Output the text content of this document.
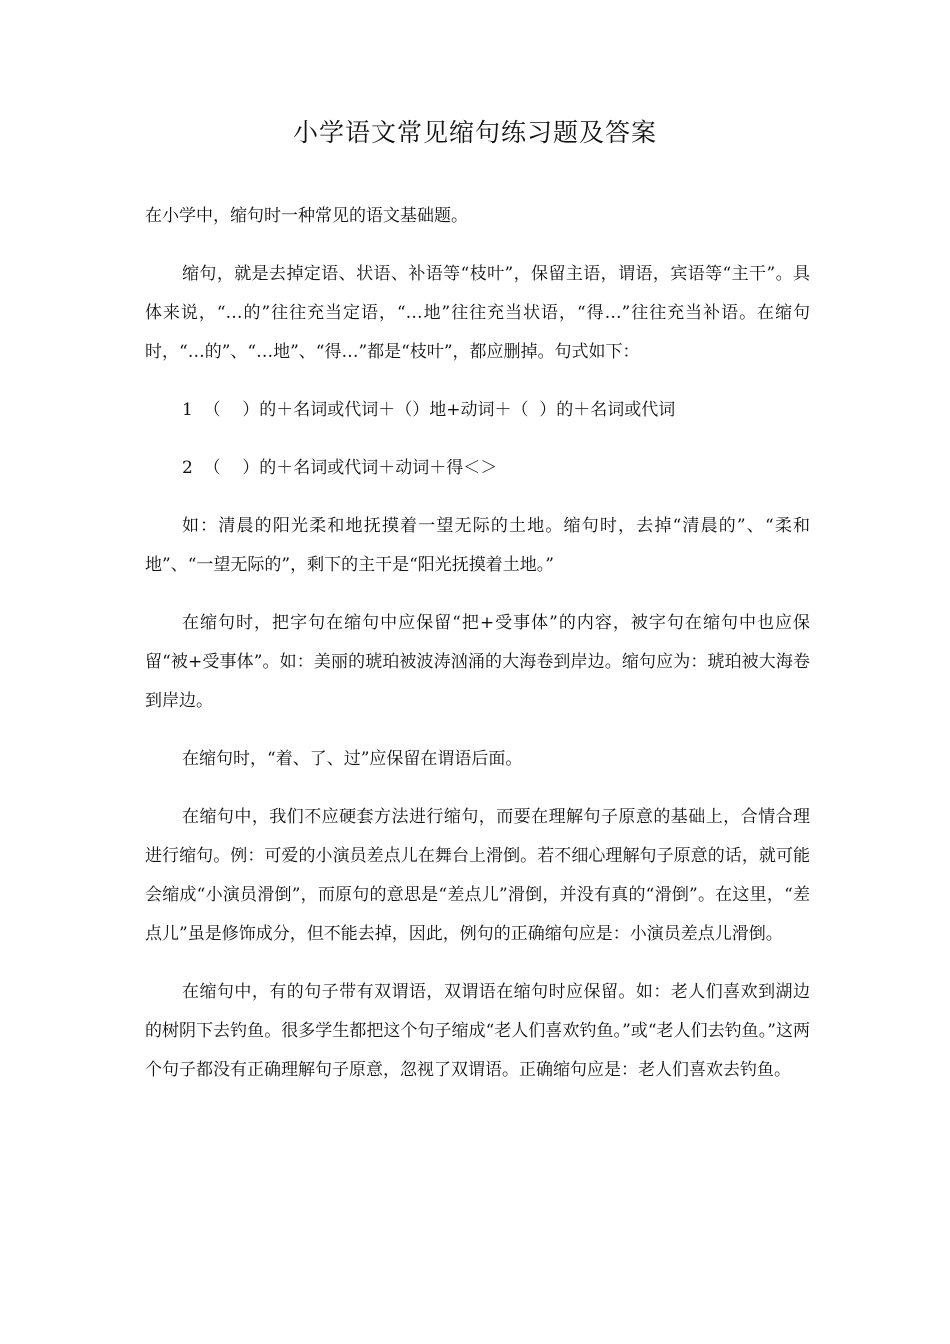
小学语文常见缩句练习题及答案

在小学中，缩句时一种常见的语文基础题。

缩句，就是去掉定语、状语、补语等“枝叶”，保留主语，谓语，宾语等“主干”。具体来说，“…的”往往充当定语，“…地”往往充当状语，“得…”往往充当补语。在缩句时，“…的”、“…地”、“得…”都是“枝叶”，都应删掉。句式如下：

1  （    ）的＋名词或代词＋（）地+动词＋（  ）的＋名词或代词

2  （    ）的＋名词或代词＋动词＋得＜＞

如：清晨的阳光柔和地抚摸着一望无际的土地。缩句时，去掉“清晨的”、“柔和地”、“一望无际的”，剩下的主干是“阳光抚摸着土地。”

在缩句时，把字句在缩句中应保留“把+受事体”的内容，被字句在缩句中也应保留“被+受事体”。如：美丽的琥珀被波涛汹涌的大海卷到岸边。缩句应为：琥珀被大海卷到岸边。

在缩句时，“着、了、过”应保留在谓语后面。

在缩句中，我们不应硬套方法进行缩句，而要在理解句子原意的基础上，合情合理进行缩句。例：可爱的小演员差点儿在舞台上滑倒。若不细心理解句子原意的话，就可能会缩成“小演员滑倒”，而原句的意思是“差点儿”滑倒，并没有真的“滑倒”。在这里，“差点儿”虽是修饰成分，但不能去掉，因此，例句的正确缩句应是：小演员差点儿滑倒。

在缩句中，有的句子带有双谓语，双谓语在缩句时应保留。如：老人们喜欢到湖边的树阴下去钓鱼。很多学生都把这个句子缩成“老人们喜欢钓鱼。”或“老人们去钓鱼。”这两个句子都没有正确理解句子原意，忽视了双谓语。正确缩句应是：老人们喜欢去钓鱼。
